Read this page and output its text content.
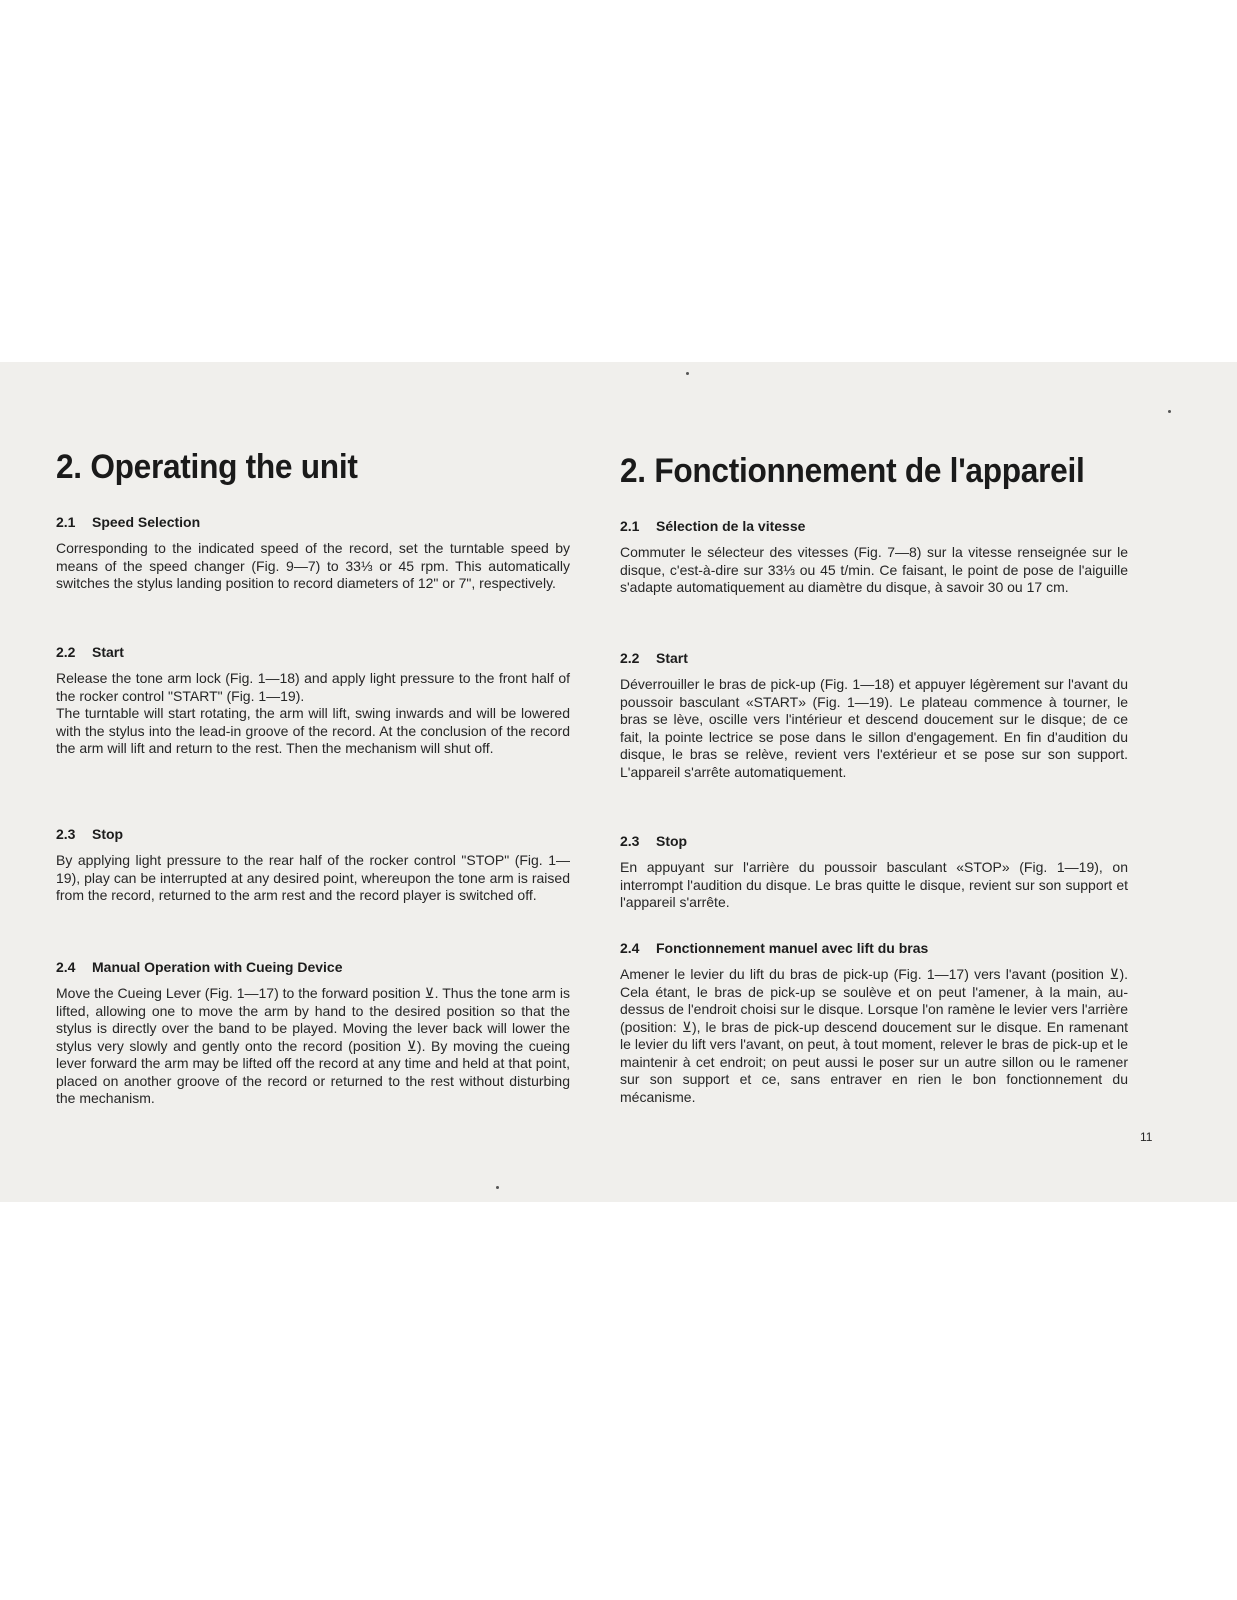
2. Operating the unit
2.1 Speed Selection

Corresponding to the indicated speed of the record, set the turntable speed by means of the speed changer (Fig. 9—7) to 33⅓ or 45 rpm. This automatically switches the stylus landing position to record diameters of 12" or 7", respectively.

2.2 Start

Release the tone arm lock (Fig. 1—18) and apply light pressure to the front half of the rocker control "START" (Fig. 1—19).

The turntable will start rotating, the arm will lift, swing inwards and will be lowered with the stylus into the lead-in groove of the record. At the conclusion of the record the arm will lift and return to the rest. Then the mechanism will shut off.

2.3 Stop

By applying light pressure to the rear half of the rocker control "STOP" (Fig. 1—19), play can be interrupted at any desired point, whereupon the tone arm is raised from the record, returned to the arm rest and the record player is switched off.

2.4 Manual Operation with Cueing Device

Move the Cueing Lever (Fig. 1—17) to the forward position ⊻. Thus the tone arm is lifted, allowing one to move the arm by hand to the desired position so that the stylus is directly over the band to be played. Moving the lever back will lower the stylus very slowly and gently onto the record (position ⊻). By moving the cueing lever forward the arm may be lifted off the record at any time and held at that point, placed on another groove of the record or returned to the rest without disturbing the mechanism.

2. Fonctionnement de l'appareil
2.1 Sélection de la vitesse

Commuter le sélecteur des vitesses (Fig. 7—8) sur la vitesse renseignée sur le disque, c'est-à-dire sur 33⅓ ou 45 t/min. Ce faisant, le point de pose de l'aiguille s'adapte automatiquement au diamètre du disque, à savoir 30 ou 17 cm.

2.2 Start

Déverrouiller le bras de pick-up (Fig. 1—18) et appuyer légèrement sur l'avant du poussoir basculant «START» (Fig. 1—19). Le plateau commence à tourner, le bras se lève, oscille vers l'intérieur et descend doucement sur le disque; de ce fait, la pointe lectrice se pose dans le sillon d'engagement. En fin d'audition du disque, le bras se relève, revient vers l'extérieur et se pose sur son support. L'appareil s'arrête automatiquement.

2.3 Stop

En appuyant sur l'arrière du poussoir basculant «STOP» (Fig. 1—19), on interrompt l'audition du disque. Le bras quitte le disque, revient sur son support et l'appareil s'arrête.

2.4 Fonctionnement manuel avec lift du bras

Amener le levier du lift du bras de pick-up (Fig. 1—17) vers l'avant (position ⊻). Cela étant, le bras de pick-up se soulève et on peut l'amener, à la main, au-dessus de l'endroit choisi sur le disque. Lorsque l'on ramène le levier vers l'arrière (position: ⊻), le bras de pick-up descend doucement sur le disque. En ramenant le levier du lift vers l'avant, on peut, à tout moment, relever le bras de pick-up et le maintenir à cet endroit; on peut aussi le poser sur un autre sillon ou le ramener sur son support et ce, sans entraver en rien le bon fonctionnement du mécanisme.

11
